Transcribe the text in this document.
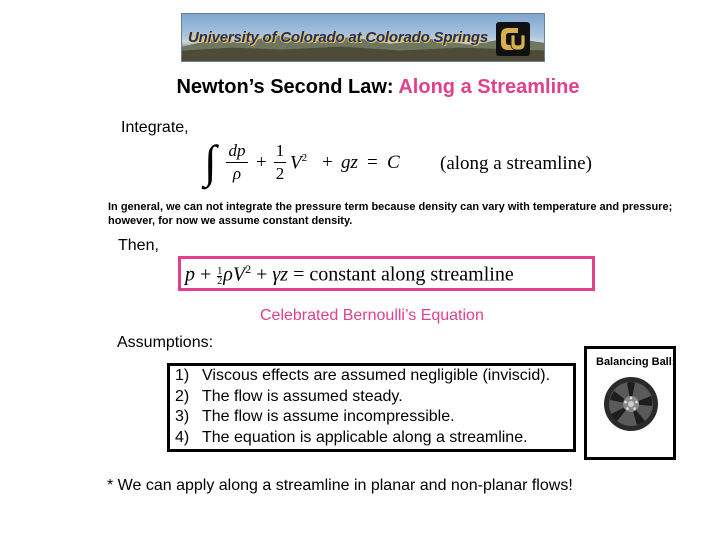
University of Colorado at Colorado Springs
Newton’s Second Law: Along a Streamline
Integrate,
∫ dp
ρ
+
1
2
$V^2$ + gz = C (along a streamline)
In general, we can not integrate the pressure term because density can vary with temperature and pressure; however, for now we assume constant density.
Then,
$p + \frac{1}{2} \rho V^2 + \gamma z$ = constant along streamline
Celebrated Bernoulli’s Equation
Assumptions:
1) Viscous effects are assumed negligible (inviscid).
2) The flow is assumed steady.
3) The flow is assume incompressible.
4) The equation is applicable along a streamline.
Balancing Ball:
* We can apply along a streamline in planar and non-planar flows!
